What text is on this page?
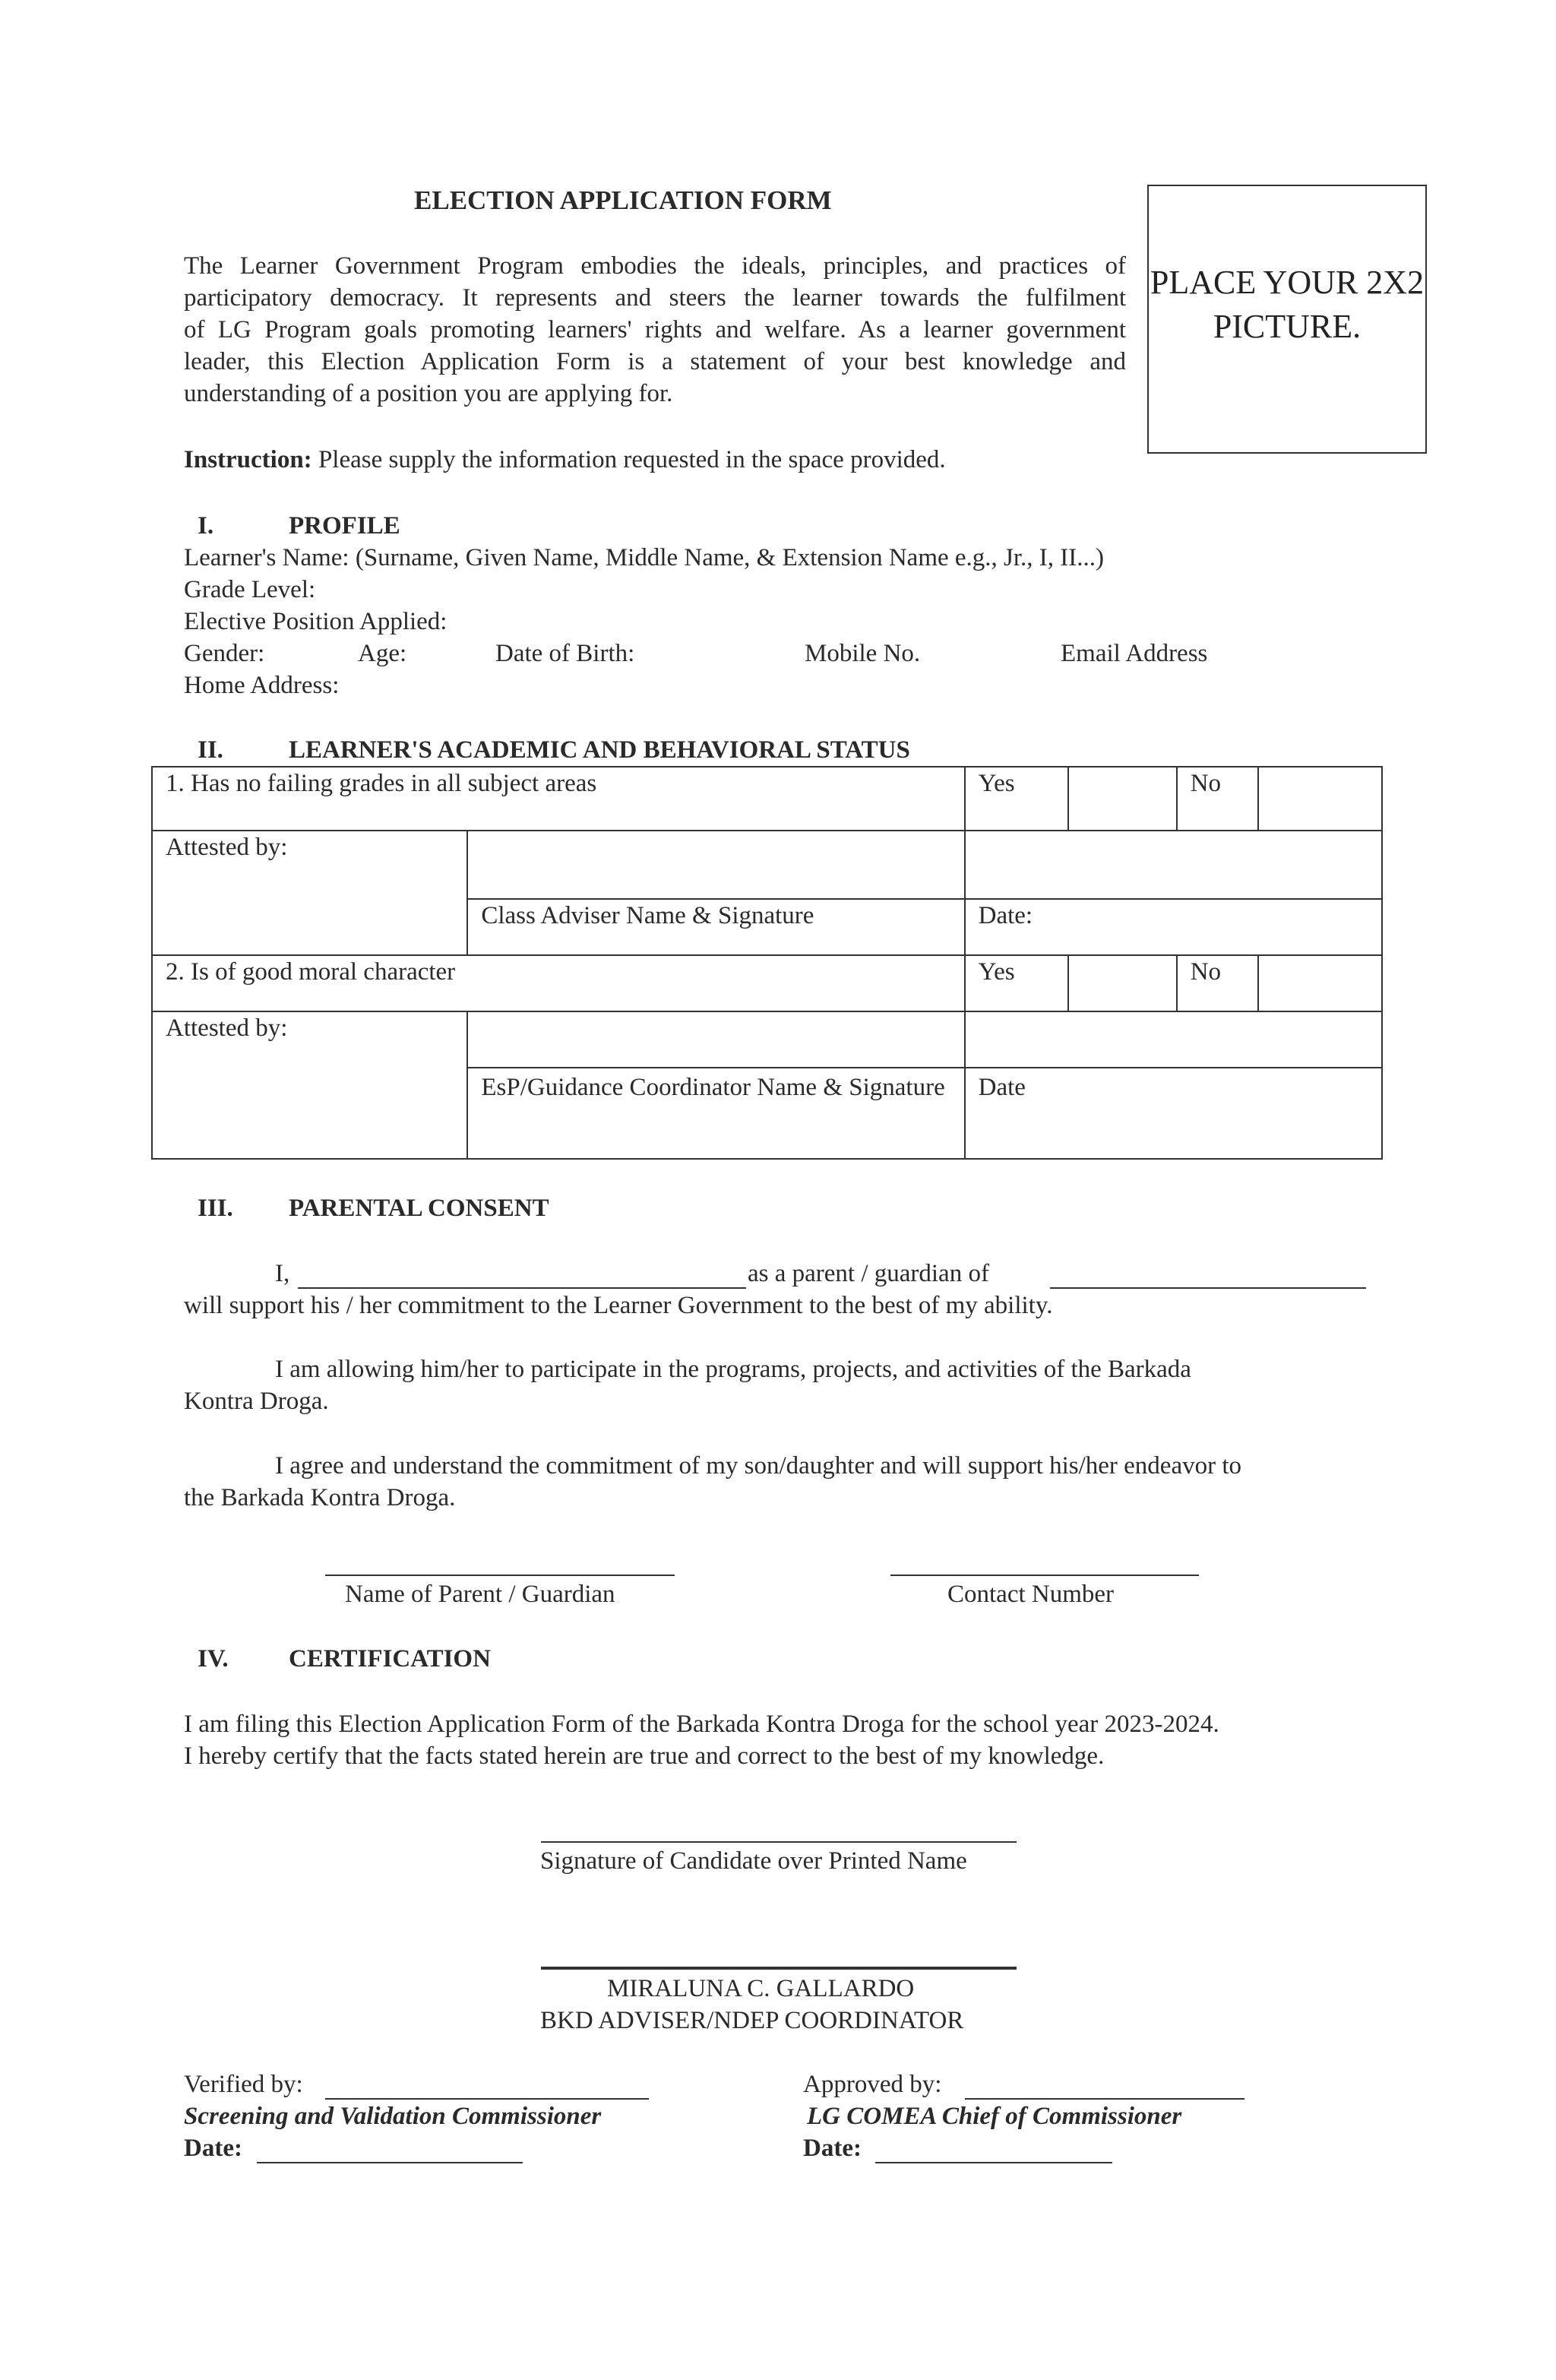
ELECTION APPLICATION FORM
The Learner Government Program embodies the ideals, principles, and practices of
participatory democracy. It represents and steers the learner towards the fulfilment
of LG Program goals promoting learners' rights and welfare. As a learner government
leader, this Election Application Form is a statement of your best knowledge and
understanding of a position you are applying for.
PLACE YOUR 2X2 PICTURE.
Instruction: Please supply the information requested in the space provided.
I.	PROFILE
Learner's Name: (Surname, Given Name, Middle Name, & Extension Name e.g., Jr., I, II...)
Grade Level:
Elective Position Applied:
Gender:	Age:	Date of Birth:	Mobile No.	Email Address
Home Address:
II.	LEARNER'S ACADEMIC AND BEHAVIORAL STATUS
1. Has no failing grades in all subject areas		Yes		No	
Attested by:					
	Class Adviser Name & Signature	Date:			
2. Is of good moral character		Yes		No	
Attested by:					
	EsP/Guidance Coordinator Name & Signature	Date			
III. PARENTAL CONSENT
I,	as a parent / guardian of
will support his / her commitment to the Learner Government to the best of my ability.
I am allowing him/her to participate in the programs, projects, and activities of the Barkada
Kontra Droga.
I agree and understand the commitment of my son/daughter and will support his/her endeavor to
the Barkada Kontra Droga.
Name of Parent / Guardian	Contact Number
IV. CERTIFICATION
I am filing this Election Application Form of the Barkada Kontra Droga for the school year 2023-2024.
I hereby certify that the facts stated herein are true and correct to the best of my knowledge.
Signature of Candidate over Printed Name
MIRALUNA C. GALLARDO
BKD ADVISER/NDEP COORDINATOR
Verified by:
Screening and Validation Commissioner
Date:
Approved by:
LG COMEA Chief of Commissioner
Date:
